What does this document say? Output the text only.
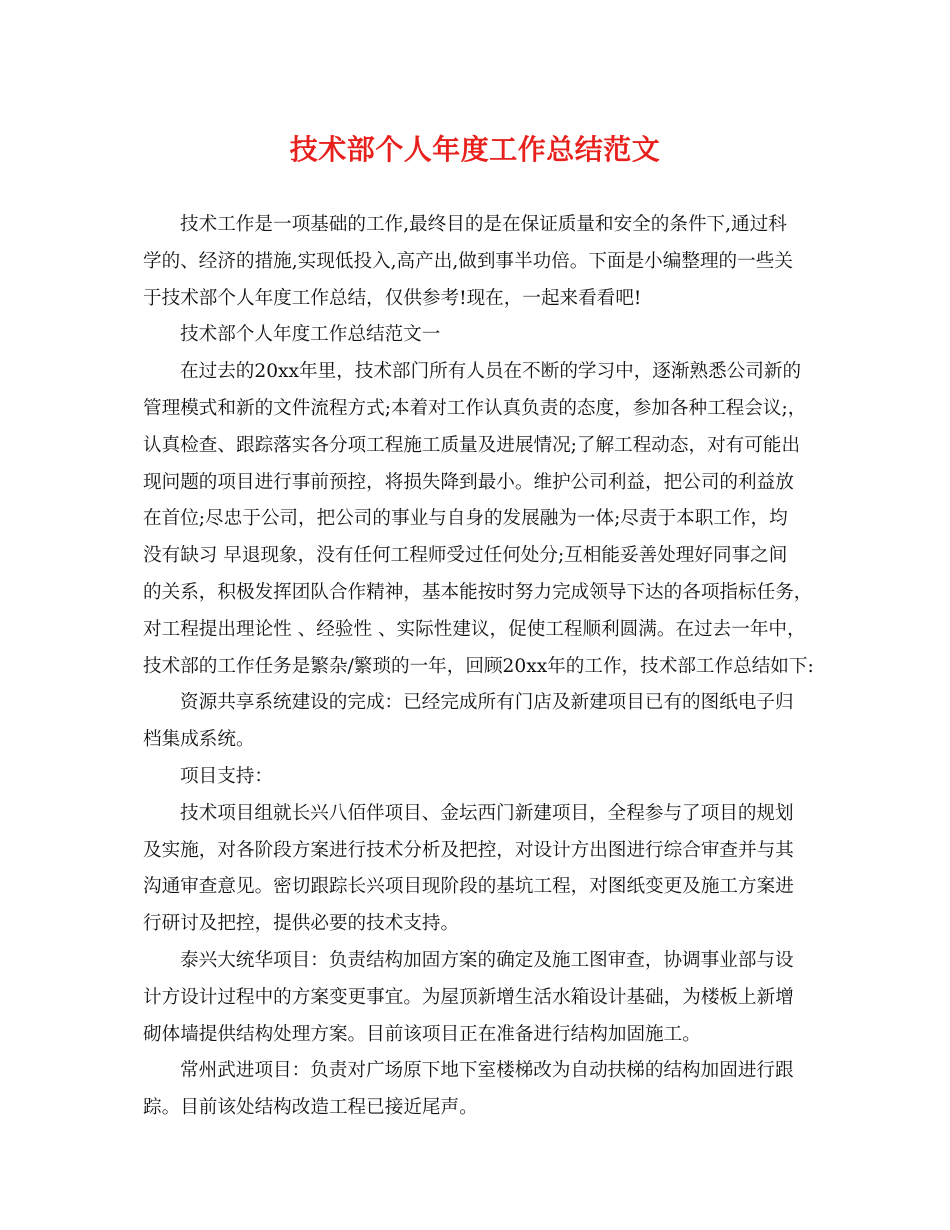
技术部个人年度工作总结范文
技术工作是一项基础的工作,最终目的是在保证质量和安全的条件下,通过科
学的、经济的措施,实现低投入,高产出,做到事半功倍。下面是小编整理的一些关
于技术部个人年度工作总结，仅供参考!现在，一起来看看吧!
技术部个人年度工作总结范文一
在过去的20xx年里，技术部门所有人员在不断的学习中，逐渐熟悉公司新的
管理模式和新的文件流程方式;本着对工作认真负责的态度，参加各种工程会议;，
认真检查、跟踪落实各分项工程施工质量及进展情况;了解工程动态，对有可能出
现问题的项目进行事前预控，将损失降到最小。维护公司利益，把公司的利益放
在首位;尽忠于公司，把公司的事业与自身的发展融为一体;尽责于本职工作，均
没有缺习 早退现象，没有任何工程师受过任何处分;互相能妥善处理好同事之间
的关系，积极发挥团队合作精神，基本能按时努力完成领导下达的各项指标任务，
对工程提出理论性 、经验性 、实际性建议，促使工程顺利圆满。在过去一年中，
技术部的工作任务是繁杂/繁琐的一年，回顾20xx年的工作，技术部工作总结如下:
资源共享系统建设的完成：已经完成所有门店及新建项目已有的图纸电子归
档集成系统。
项目支持：
技术项目组就长兴八佰伴项目、金坛西门新建项目，全程参与了项目的规划
及实施，对各阶段方案进行技术分析及把控，对设计方出图进行综合审查并与其
沟通审查意见。密切跟踪长兴项目现阶段的基坑工程，对图纸变更及施工方案进
行研讨及把控，提供必要的技术支持。
泰兴大统华项目：负责结构加固方案的确定及施工图审查，协调事业部与设
计方设计过程中的方案变更事宜。为屋顶新增生活水箱设计基础，为楼板上新增
砌体墙提供结构处理方案。目前该项目正在准备进行结构加固施工。
常州武进项目：负责对广场原下地下室楼梯改为自动扶梯的结构加固进行跟
踪。目前该处结构改造工程已接近尾声。
